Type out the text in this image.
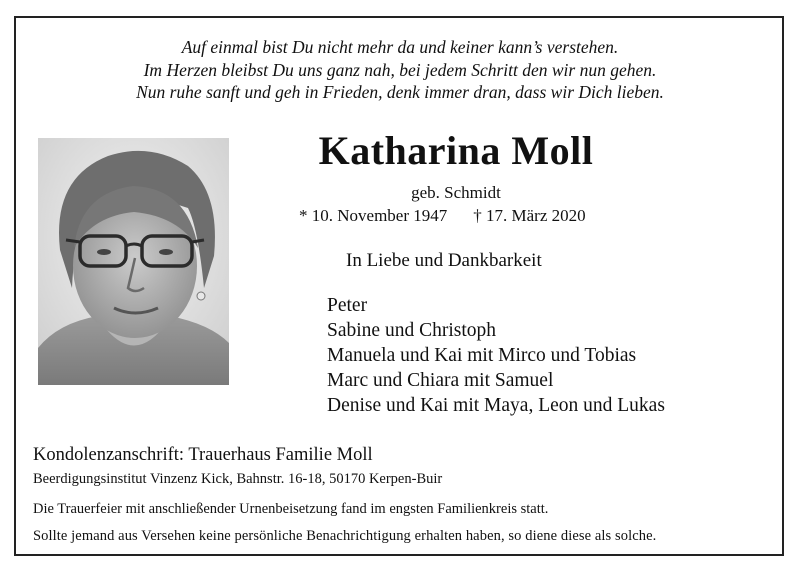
Auf einmal bist Du nicht mehr da und keiner kann’s verstehen.
Im Herzen bleibst Du uns ganz nah, bei jedem Schritt den wir nun gehen.
Nun ruhe sanft und geh in Frieden, denk immer dran, dass wir Dich lieben.
Katharina Moll
geb. Schmidt
* 10. November 1947 † 17. März 2020
In Liebe und Dankbarkeit
Peter
Sabine und Christoph
Manuela und Kai mit Mirco und Tobias
Marc und Chiara mit Samuel
Denise und Kai mit Maya, Leon und Lukas
Kondolenzanschrift: Trauerhaus Familie Moll
Beerdigungsinstitut Vinzenz Kick, Bahnstr. 16-18, 50170 Kerpen-Buir
Die Trauerfeier mit anschließender Urnenbeisetzung fand im engsten Familienkreis statt.
Sollte jemand aus Versehen keine persönliche Benachrichtigung erhalten haben, so diene diese als solche.
